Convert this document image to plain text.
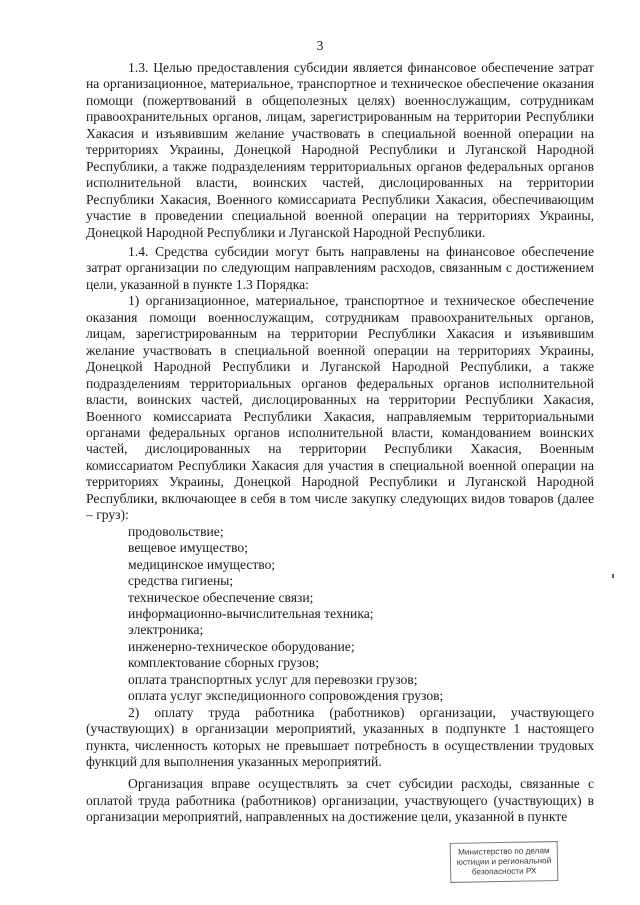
3

1.3. Целью предоставления субсидии является финансовое обеспечение затрат на организационное, материальное, транспортное и техническое обеспечение оказания помощи (пожертвований в общеполезных целях) военнослужащим, сотрудникам правоохранительных органов, лицам, зарегистрированным на территории Республики Хакасия и изъявившим желание участвовать в специальной военной операции на территориях Украины, Донецкой Народной Республики и Луганской Народной Республики, а также подразделениям территориальных органов федеральных органов исполнительной власти, воинских частей, дислоцированных на территории Республики Хакасия, Военного комиссариата Республики Хакасия, обеспечивающим участие в проведении специальной военной операции на территориях Украины, Донецкой Народной Республики и Луганской Народной Республики.

1.4. Средства субсидии могут быть направлены на финансовое обеспечение затрат организации по следующим направлениям расходов, связанным с достижением цели, указанной в пункте 1.3 Порядка:

1) организационное, материальное, транспортное и техническое обеспечение оказания помощи военнослужащим, сотрудникам правоохранительных органов, лицам, зарегистрированным на территории Республики Хакасия и изъявившим желание участвовать в специальной военной операции на территориях Украины, Донецкой Народной Республики и Луганской Народной Республики, а также подразделениям территориальных органов федеральных органов исполнительной власти, воинских частей, дислоцированных на территории Республики Хакасия, Военного комиссариата Республики Хакасия, направляемым территориальными органами федеральных органов исполнительной власти, командованием воинских частей, дислоцированных на территории Республики Хакасия, Военным комиссариатом Республики Хакасия для участия в специальной военной операции на территориях Украины, Донецкой Народной Республики и Луганской Народной Республики, включающее в себя в том числе закупку следующих видов товаров (далее – груз):

продовольствие;
вещевое имущество;
медицинское имущество;
средства гигиены;
техническое обеспечение связи;
информационно-вычислительная техника;
электроника;
инженерно-техническое оборудование;
комплектование сборных грузов;
оплата транспортных услуг для перевозки грузов;
оплата услуг экспедиционного сопровождения грузов;

2) оплату труда работника (работников) организации, участвующего (участвующих) в организации мероприятий, указанных в подпункте 1 настоящего пункта, численность которых не превышает потребность в осуществлении трудовых функций для выполнения указанных мероприятий.

Организация вправе осуществлять за счет субсидии расходы, связанные с оплатой труда работника (работников) организации, участвующего (участвующих) в организации мероприятий, направленных на достижение цели, указанной в пункте

Министерство по делам
юстиции и региональной
безопасности РХ
